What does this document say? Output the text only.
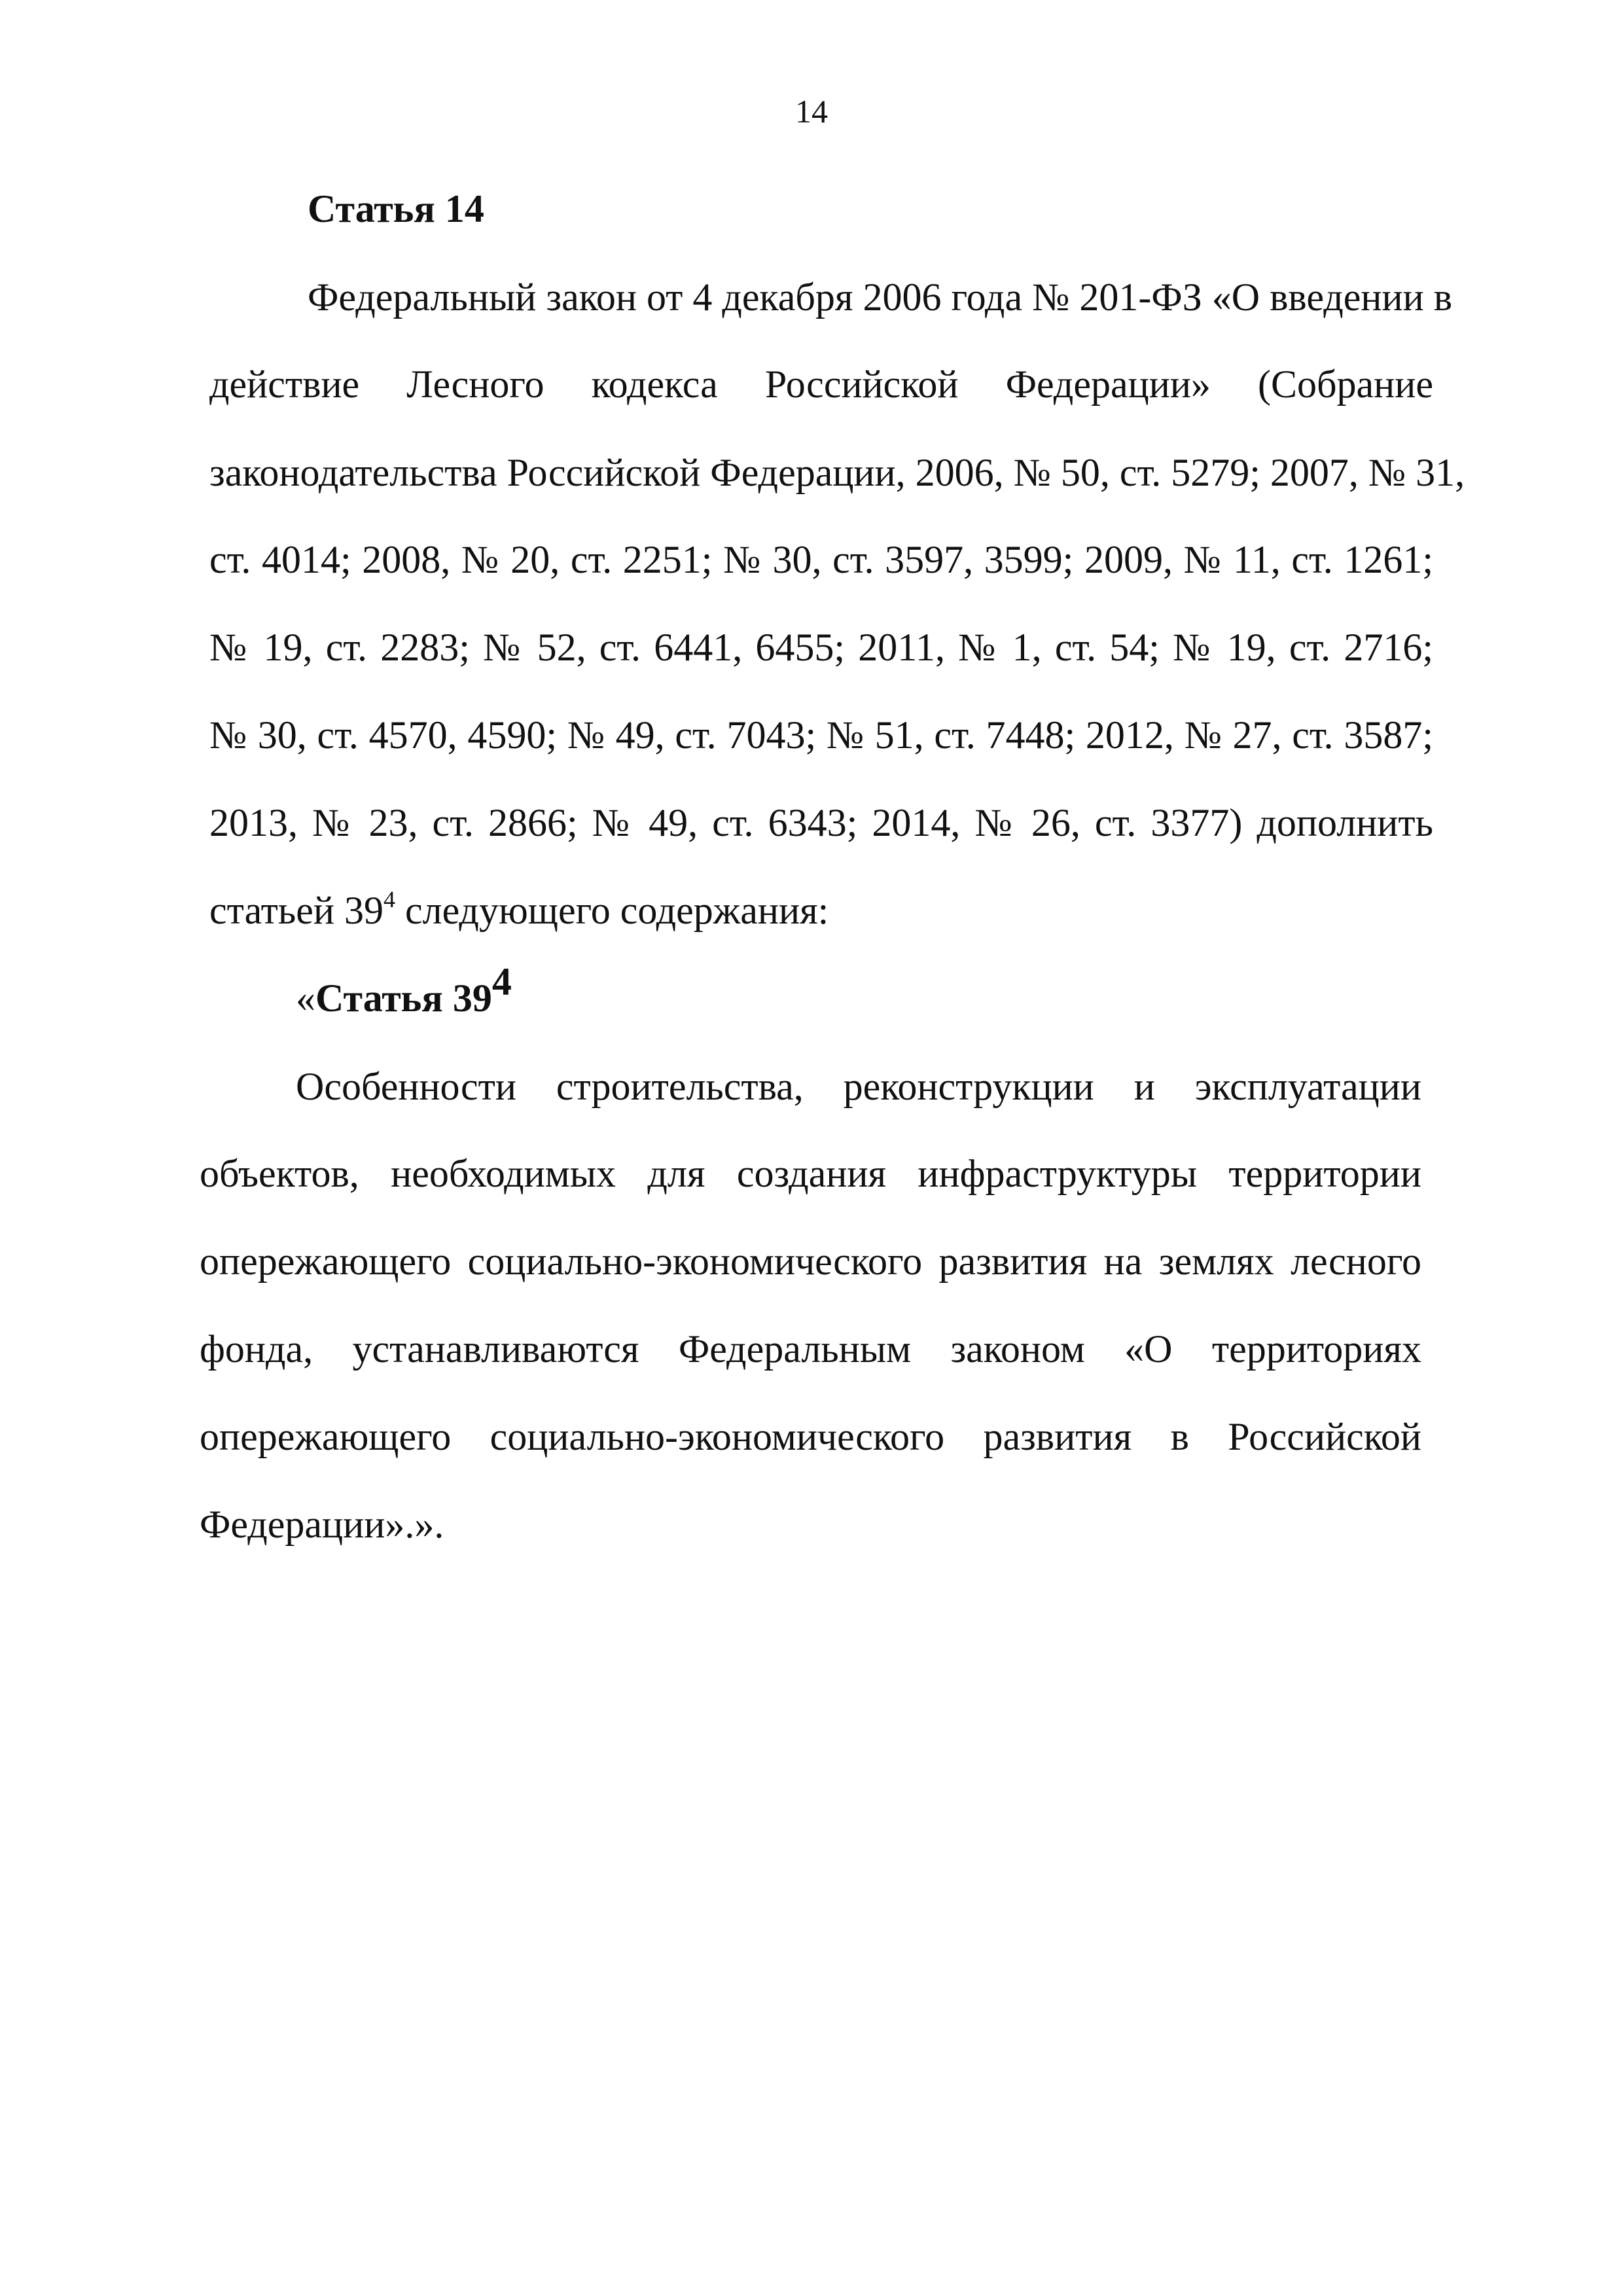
14
Статья 14
Федеральный закон от 4 декабря 2006 года № 201-ФЗ «О введении в
действие Лесного кодекса Российской Федерации» (Собрание
законодательства Российской Федерации, 2006, № 50, ст. 5279; 2007, № 31,
ст. 4014; 2008, № 20, ст. 2251; № 30, ст. 3597, 3599; 2009, № 11, ст. 1261;
№ 19, ст. 2283; № 52, ст. 6441, 6455; 2011, № 1, ст. 54; № 19, ст. 2716;
№ 30, ст. 4570, 4590; № 49, ст. 7043; № 51, ст. 7448; 2012, № 27, ст. 3587;
2013, № 23, ст. 2866; № 49, ст. 6343; 2014, № 26, ст. 3377) дополнить
статьей $39^4$ следующего содержания:
«Статья $39^4$
Особенности строительства, реконструкции и эксплуатации
объектов, необходимых для создания инфраструктуры территории
опережающего социально-экономического развития на землях лесного
фонда, устанавливаются Федеральным законом «О территориях
опережающего социально-экономического развития в Российской
Федерации».».
